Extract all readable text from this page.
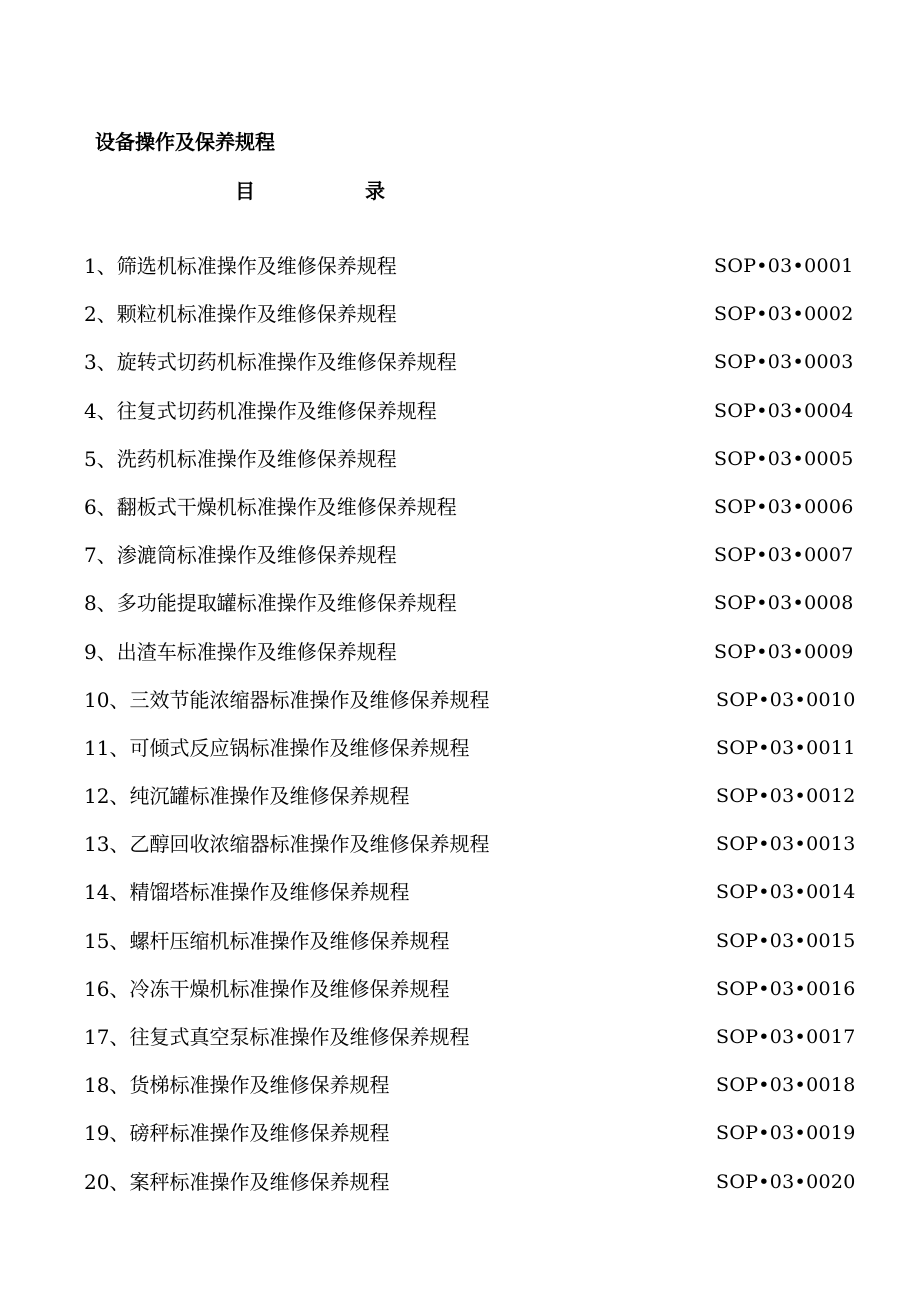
设备操作及保养规程
目	录
1、筛选机标准操作及维修保养规程	SOP•03•0001
2、颗粒机标准操作及维修保养规程	SOP•03•0002
3、旋转式切药机标准操作及维修保养规程	SOP•03•0003
4、往复式切药机准操作及维修保养规程	SOP•03•0004
5、洗药机标准操作及维修保养规程	SOP•03•0005
6、翻板式干燥机标准操作及维修保养规程	SOP•03•0006
7、渗漉筒标准操作及维修保养规程	SOP•03•0007
8、多功能提取罐标准操作及维修保养规程	SOP•03•0008
9、出渣车标准操作及维修保养规程	SOP•03•0009
10、三效节能浓缩器标准操作及维修保养规程	SOP•03•0010
11、可倾式反应锅标准操作及维修保养规程	SOP•03•0011
12、纯沉罐标准操作及维修保养规程	SOP•03•0012
13、乙醇回收浓缩器标准操作及维修保养规程	SOP•03•0013
14、精馏塔标准操作及维修保养规程	SOP•03•0014
15、螺杆压缩机标准操作及维修保养规程	SOP•03•0015
16、冷冻干燥机标准操作及维修保养规程	SOP•03•0016
17、往复式真空泵标准操作及维修保养规程	SOP•03•0017
18、货梯标准操作及维修保养规程	SOP•03•0018
19、磅秤标准操作及维修保养规程	SOP•03•0019
20、案秤标准操作及维修保养规程	SOP•03•0020
